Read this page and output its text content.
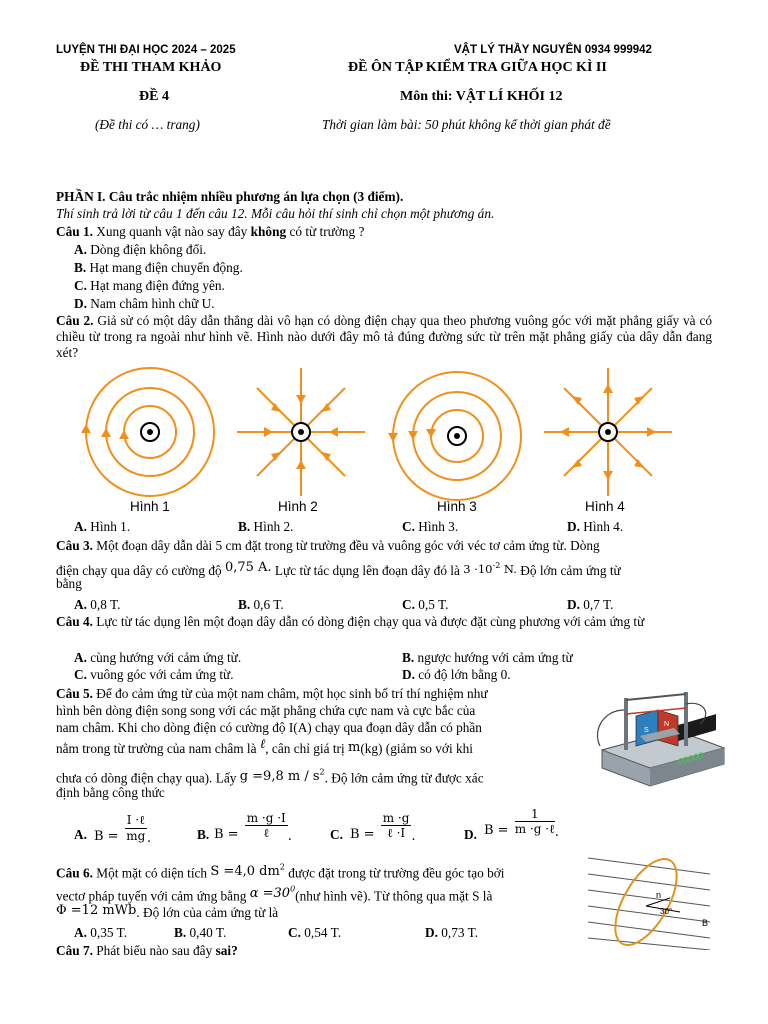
LUYỆN THI ĐẠI HỌC 2024 – 2025	VẬT LÝ THẦY NGUYÊN 0934 999942
ĐỀ THI THAM KHẢO	ĐỀ ÔN TẬP KIỂM TRA GIỮA HỌC KÌ II
ĐỀ 4	Môn thi: VẬT LÍ KHỐI 12
(Đề thi có … trang)	Thời gian làm bài: 50 phút không kể thời gian phát đề
PHẦN I. Câu trắc nhiệm nhiều phương án lựa chọn (3 điểm).
Thí sinh trả lời từ câu 1 đến câu 12. Mỗi câu hỏi thí sinh chỉ chọn một phương án.
Câu 1. Xung quanh vật nào say đây không có từ trường ?
A. Dòng điện không đổi.
B. Hạt mang điện chuyển động.
C. Hạt mang điện đứng yên.
D. Nam châm hình chữ U.
Câu 2. Giả sử có một dây dẫn thẳng dài vô hạn có dòng điện chạy qua theo phương vuông góc với mặt phẳng giấy và có chiều từ trong ra ngoài như hình vẽ. Hình nào dưới đây mô tả đúng đường sức từ trên mặt phẳng giấy của dây dẫn đang xét?
Hình 1	Hình 2	Hình 3	Hình 4
A. Hình 1.	B. Hình 2.	C. Hình 3.	D. Hình 4.
Câu 3. Một đoạn dây dẫn dài 5 cm đặt trong từ trường đều và vuông góc với véc tơ cảm ứng từ. Dòng
điện chạy qua dây có cường độ 0,75 A. Lực từ tác dụng lên đoạn dây đó là $3 \cdot 10^{-2}$ N. Độ lớn cảm ứng từ
bằng
A. 0,8 T.	B. 0,6 T.	C. 0,5 T.	D. 0,7 T.
Câu 4. Lực từ tác dụng lên một đoạn dây dẫn có dòng điện chạy qua và được đặt cùng phương với cảm ứng từ
A. cùng hướng với cảm ứng từ.	B. ngược hướng với cảm ứng từ
C. vuông góc với cảm ứng từ.	D. có độ lớn bằng 0.
Câu 5. Để đo cảm ứng từ của một nam châm, một học sinh bố trí thí nghiệm như
hình bên dòng điện song song với các mặt phẳng chứa cực nam và cực bắc của
nam châm. Khi cho dòng điện có cường độ I(A) chạy qua đoạn dây dẫn có phần
nằm trong từ trường của nam châm là ℓ, cân chỉ giá trị m(kg) (giảm so với khi
chưa có dòng điện chạy qua). Lấy g =9,8 m / $s^2$. Độ lớn cảm ứng từ được xác
định bằng công thức
00000
S
N
A. B =
I ·ℓ
mg .	B. B =
m ·g ·I
ℓ	.	C. B =
m ·g
ℓ ·I .	D. B =
1
m ·g ·ℓ .
Câu 6. Một mặt có diện tích S =4,0 $dm^2$ được đặt trong từ trường đều góc tạo bởi
vectơ pháp tuyến với cảm ứng bằng $\alpha =30^0(như$ hình vẽ). Từ thông qua mặt S là
Φ =12 mWb. Độ lớn của cảm ứng từ là
n
30°
B
A. 0,35 T.	B. 0,40 T.	C. 0,54 T.	D. 0,73 T.
Câu 7. Phát biểu nào sau đây sai?
